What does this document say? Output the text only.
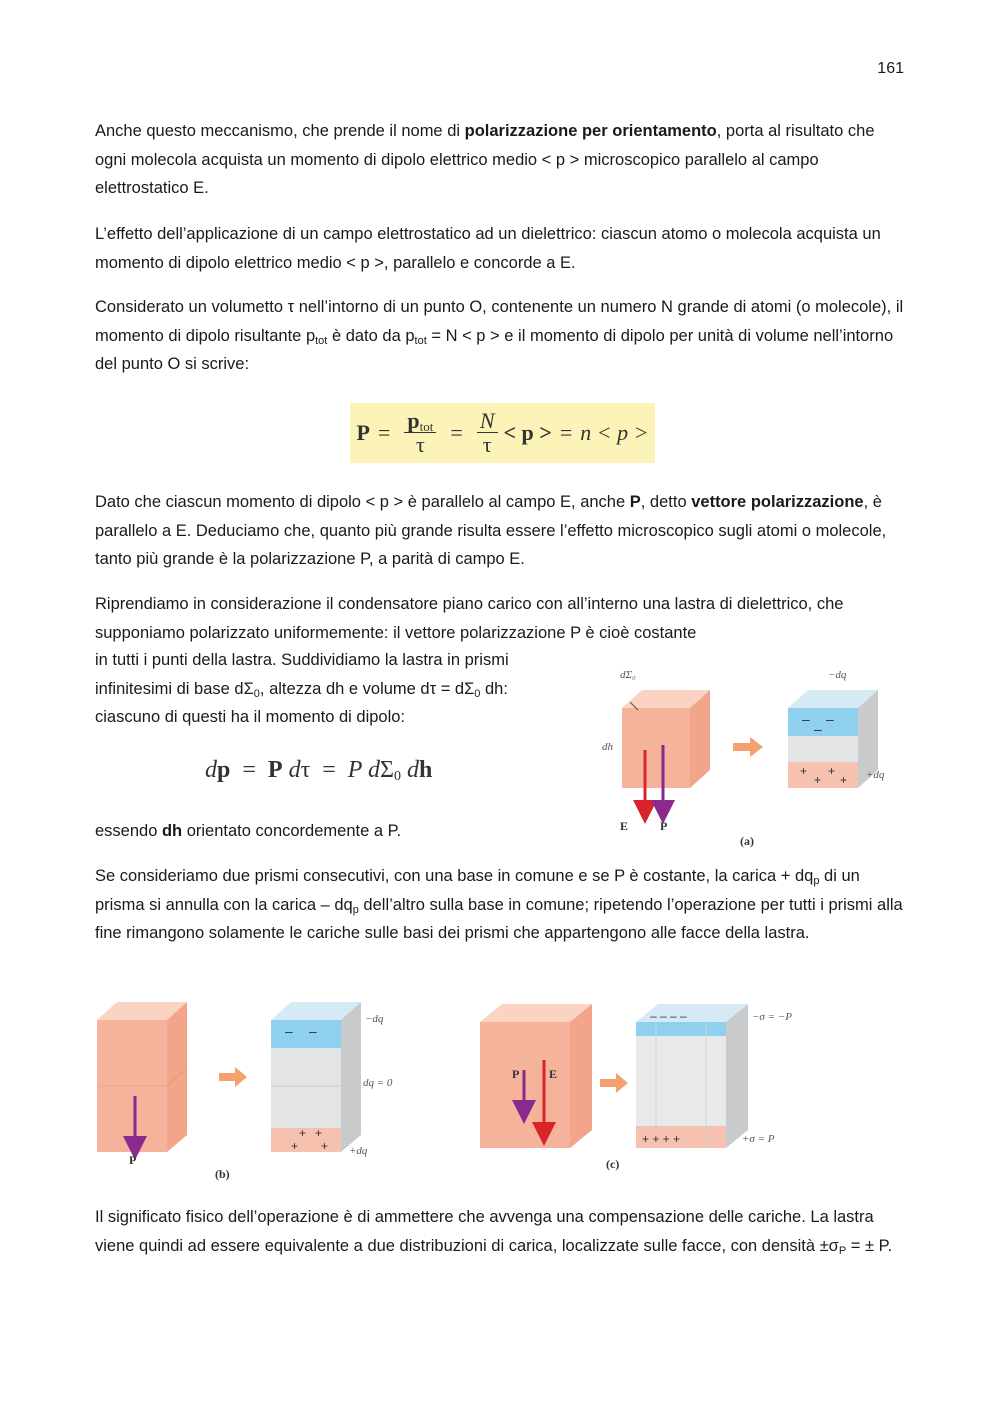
161

Anche questo meccanismo, che prende il nome di polarizzazione per orientamento, porta al risultato che ogni molecola acquista un momento di dipolo elettrico medio < p > microscopico parallelo al campo elettrostatico E.

L’effetto dell’applicazione di un campo elettrostatico ad un dielettrico: ciascun atomo o molecola acquista un momento di dipolo elettrico medio < p >, parallelo e concorde a E.

Considerato un volumetto τ nell’intorno di un punto O, contenente un numero N grande di atomi (o molecole), il momento di dipolo risultante $p_{tot}$ è dato da $p_{tot} = N < p > e$ il momento di dipolo per unità di volume nell’intorno del punto O si scrive:

$P = \frac{p_{tot}}{\tau} = \frac{N}{\tau} < p$ > = n < p >

Dato che ciascun momento di dipolo < p > è parallelo al campo E, anche P, detto vettore polarizzazione, è parallelo a E. Deduciamo che, quanto più grande risulta essere l’effetto microscopico sugli atomi o molecole, tanto più grande è la polarizzazione P, a parità di campo E.

Riprendiamo in considerazione il condensatore piano carico con all’interno una lastra di dielettrico, che supponiamo polarizzato uniformemente: il vettore polarizzazione P è cioè costante

in tutti i punti della lastra. Suddividiamo la lastra in prismi

infinitesimi di base $d\Sigma_0$, altezza dh e volume $d\tau = d\Sigma_0$ dh:

ciascuno di questi ha il momento di dipolo:

dp  =  P dτ  =  P $d\Sigma_0$ dh

essendo dh orientato concordemente a P.

Se consideriamo due prismi consecutivi, con una base in comune e se P è costante, la carica + $dq_p$ di un prisma si annulla con la carica – $dq_p$ dell’altro sulla base in comune; ripetendo l’operazione per tutti i prismi alla fine rimangono solamente le cariche sulle basi dei prismi che appartengono alle facce della lastra.

Il significato fisico dell’operazione è di ammettere che avvenga una compensazione delle cariche. La lastra viene quindi ad essere equivalente a due distribuzioni di carica, localizzate sulle facce, con densità $\pm\sigma_P$ = ± P.

dΣ₀
dh
E	P
– –
–
+ +
+ +
−dq
+dq
(a)
P
– –
+ +
+ +
−dq
dq = 0
+dq
(b)
P E
– – – –
+ + + +
−σ = −P
+σ = P
(c)
